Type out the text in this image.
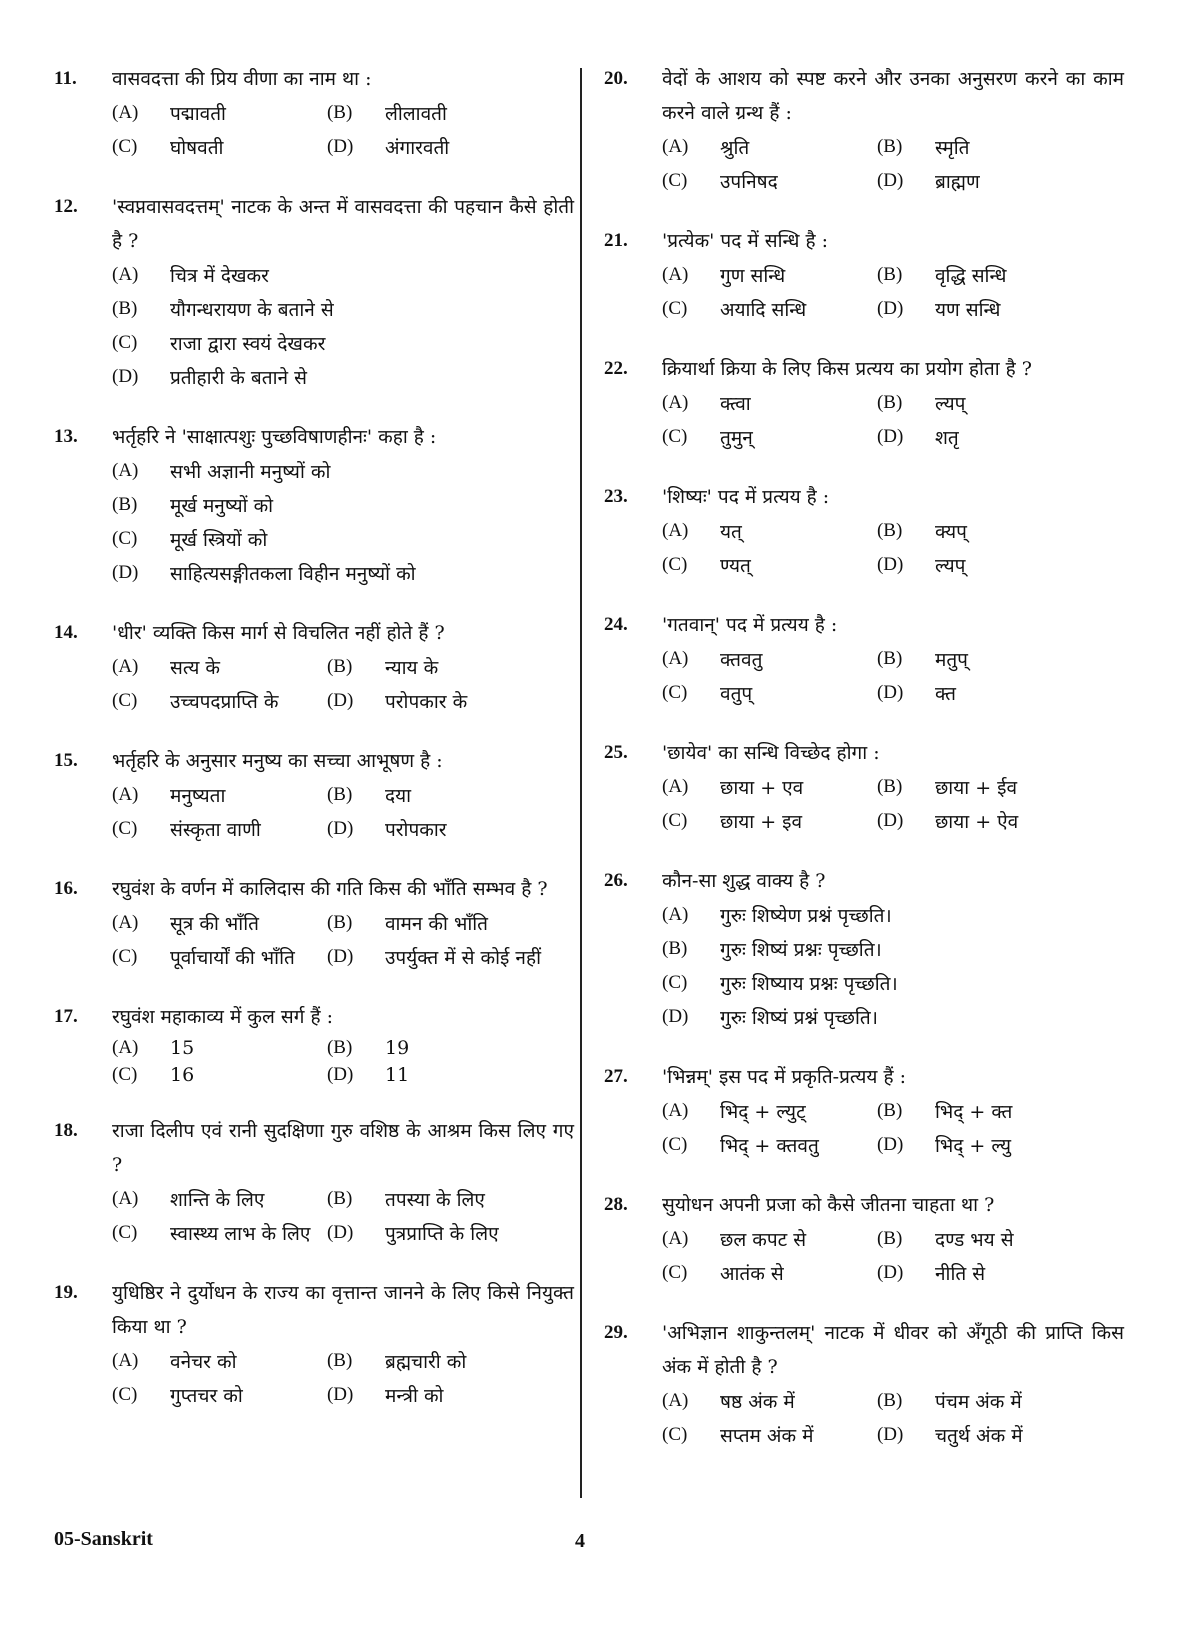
11.	वासवदत्ता की प्रिय वीणा का नाम था :
(A)	पद्मावती	(B)	लीलावती
(C)	घोषवती	(D)	अंगारवती
12.	'स्वप्नवासवदत्तम्' नाटक के अन्त में वासवदत्ता की पहचान कैसे होती है ?
(A)	चित्र में देखकर
(B)	यौगन्धरायण के बताने से
(C)	राजा द्वारा स्वयं देखकर
(D)	प्रतीहारी के बताने से
13.	भर्तृहरि ने 'साक्षात्पशुः पुच्छविषाणहीनः' कहा है :
(A)	सभी अज्ञानी मनुष्यों को
(B)	मूर्ख मनुष्यों को
(C)	मूर्ख स्त्रियों को
(D)	साहित्यसङ्गीतकला विहीन मनुष्यों को
14.	'धीर' व्यक्ति किस मार्ग से विचलित नहीं होते हैं ?
(A)	सत्य के	(B)	न्याय के
(C)	उच्चपदप्राप्ति के	(D)	परोपकार के
15.	भर्तृहरि के अनुसार मनुष्य का सच्चा आभूषण है :
(A)	मनुष्यता	(B)	दया
(C)	संस्कृता वाणी	(D)	परोपकार
16.	रघुवंश के वर्णन में कालिदास की गति किस की भाँति सम्भव है ?
(A)	सूत्र की भाँति	(B)	वामन की भाँति
(C)	पूर्वाचार्यों की भाँति (D)	उपर्युक्त में से कोई नहीं
17.	रघुवंश महाकाव्य में कुल सर्ग हैं :
(A)	15	(B)	19
(C)	16	(D)	11
18.	राजा दिलीप एवं रानी सुदक्षिणा गुरु वशिष्ठ के आश्रम किस लिए गए ?
(A)	शान्ति के लिए	(B)	तपस्या के लिए
(C)	स्वास्थ्य लाभ के लिए (D)	पुत्रप्राप्ति के लिए
19.	युधिष्ठिर ने दुर्योधन के राज्य का वृत्तान्त जानने के लिए किसे नियुक्त किया था ?
(A)	वनेचर को	(B)	ब्रह्मचारी को
(C)	गुप्तचर को	(D)	मन्त्री को
20.	वेदों के आशय को स्पष्ट करने और उनका अनुसरण करने का काम करने वाले ग्रन्थ हैं :
(A)	श्रुति	(B)	स्मृति
(C)	उपनिषद	(D)	ब्राह्मण
21.	'प्रत्येक' पद में सन्धि है :
(A)	गुण सन्धि	(B)	वृद्धि सन्धि
(C)	अयादि सन्धि	(D)	यण सन्धि
22.	क्रियार्था क्रिया के लिए किस प्रत्यय का प्रयोग होता है ?
(A)	क्त्वा	(B)	ल्यप्
(C)	तुमुन्	(D)	शतृ
23.	'शिष्यः' पद में प्रत्यय है :
(A)	यत्	(B)	क्यप्
(C)	ण्यत्	(D)	ल्यप्
24.	'गतवान्' पद में प्रत्यय है :
(A)	क्तवतु	(B)	मतुप्
(C)	वतुप्	(D)	क्त
25.	'छायेव' का सन्धि विच्छेद होगा :
(A)	छाया + एव	(B)	छाया + ईव
(C)	छाया + इव	(D)	छाया + ऐव
26.	कौन-सा शुद्ध वाक्य है ?
(A)	गुरुः शिष्येण प्रश्नं पृच्छति।
(B)	गुरुः शिष्यं प्रश्नः पृच्छति।
(C)	गुरुः शिष्याय प्रश्नः पृच्छति।
(D)	गुरुः शिष्यं प्रश्नं पृच्छति।
27.	'भिन्नम्' इस पद में प्रकृति-प्रत्यय हैं :
(A)	भिद् + ल्युट्	(B)	भिद् + क्त
(C)	भिद् + क्तवतु	(D)	भिद् + ल्यु
28.	सुयोधन अपनी प्रजा को कैसे जीतना चाहता था ?
(A)	छल कपट से	(B)	दण्ड भय से
(C)	आतंक से	(D)	नीति से
29.	'अभिज्ञान शाकुन्तलम्' नाटक में धीवर को अँगूठी की प्राप्ति किस अंक में होती है ?
(A)	षष्ठ अंक में	(B)	पंचम अंक में
(C)	सप्तम अंक में	(D)	चतुर्थ अंक में
05-Sanskrit	4
